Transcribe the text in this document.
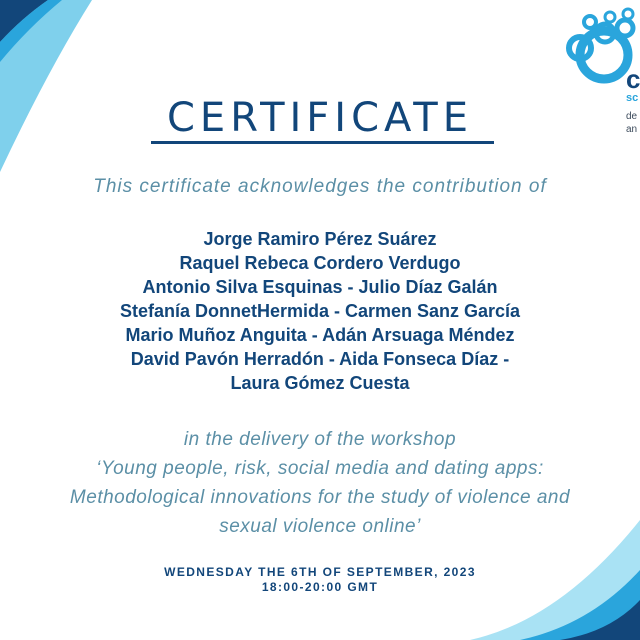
c
sc
de
an
CERTIFICATE
This certificate acknowledges the contribution of
Jorge Ramiro Pérez Suárez
Raquel Rebeca Cordero Verdugo
Antonio Silva Esquinas - Julio Díaz Galán
Stefanía DonnetHermida - Carmen Sanz García
Mario Muñoz Anguita - Adán Arsuaga Méndez
David Pavón Herradón - Aida Fonseca Díaz -
Laura Gómez Cuesta
in the delivery of the workshop
‘Young people, risk, social media and dating apps:
Methodological innovations for the study of violence and
sexual violence online’
WEDNESDAY THE 6TH OF SEPTEMBER, 2023
18:00-20:00 GMT
